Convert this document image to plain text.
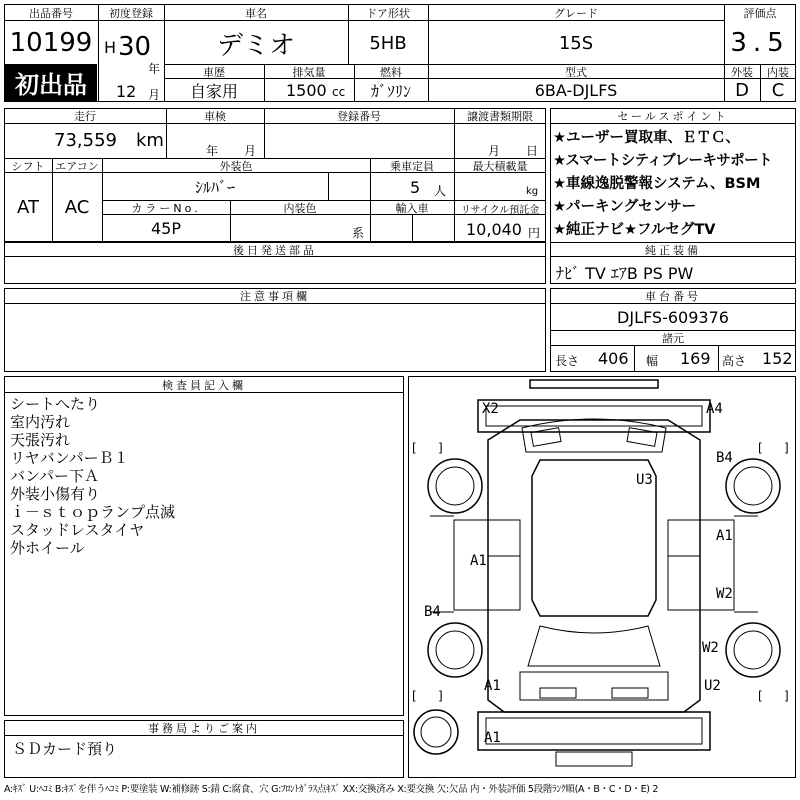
出品番号
10199
初出品
初度登録
H 30
年
12 月
車名
デミオ
ドア形状
5HB
グレード
15S
車歴
自家用
排気量
1500 cc
燃料
ｶﾞｿﾘﾝ
型式
6BA-DJLFS
評価点
3.5
外装	内装
D	C
走行
73,559 km
車検
年 月
登録番号	譲渡書類期限
月 日
シフト エアコン
AT	AC
外装色
ｼﾙﾊﾞｰ
乗車定員
5 人
最大積載量
kg
カラーNo.
45P
内装色
系
輸入車	リサイクル預託金
10,040 円
後日発送部品
セールスポイント
★ユーザー買取車、ＥＴＣ、
★スマートシティブレーキサポート
★車線逸脱警報システム、BSM
★パーキングセンサー
★純正ナビ★フルセグTV
純正装備
ﾅﾋﾞ TV ｴｱB PS PW
注意事項欄	車台番号
DJLFS-609376
諸元
長さ 406 幅 169 高さ 152
検査員記入欄
シートへたり
室内汚れ
天張汚れ
リヤバンパーＢ１
バンパー下Ａ
外装小傷有り
ｉ－ｓｔｏｐランプ点滅
スタッドレスタイヤ
外ホイール
事務局よりご案内
ＳＤカード預り
[ ]	[ ]
[ ]	[ ]
X2	A4
B4
U3
A1
A1
W2
B4
W2
A1	U2
A1
A:ｷｽﾞ U:ﾍｺﾐ B:ｷｽﾞを伴うﾍｺﾐ P:要塗装 W:補修跡 S:錆 C:腐食、穴 G:ﾌﾛﾝﾄｶﾞﾗｽ点ｷｽﾞ XX:交換済み X:要交換 欠:欠品 内・外装評価 5段階ﾗﾝｸ順(A・B・C・D・E) 2
